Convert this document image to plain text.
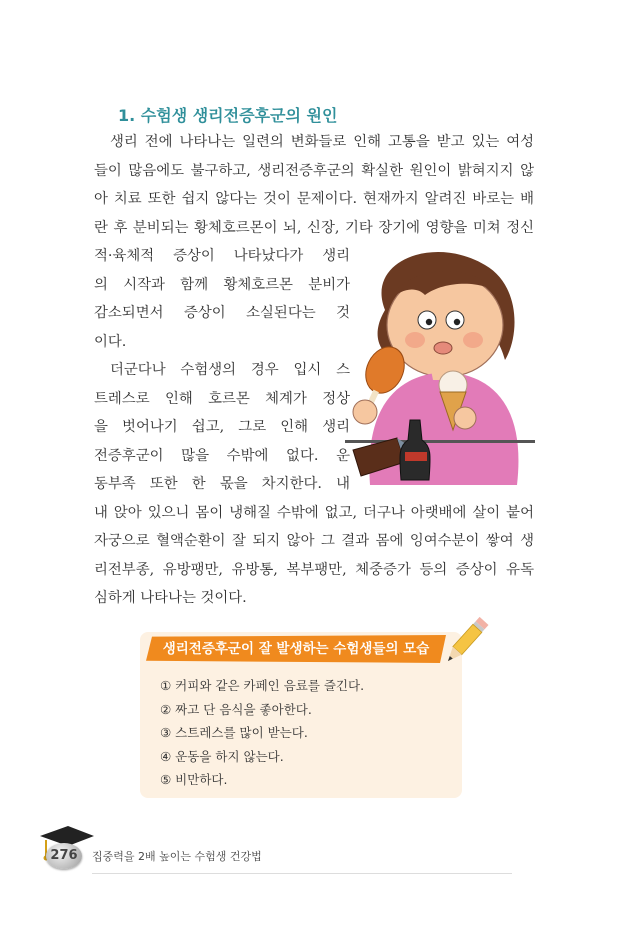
1. 수험생 생리전증후군의 원인
생리 전에 나타나는 일련의 변화들로 인해 고통을 받고 있는 여성
들이 많음에도 불구하고, 생리전증후군의 확실한 원인이 밝혀지지 않
아 치료 또한 쉽지 않다는 것이 문제이다. 현재까지 알려진 바로는 배
란 후 분비되는 황체호르몬이 뇌, 신장, 기타 장기에 영향을 미쳐 정신
적·육체적 증상이 나타났다가 생리
의 시작과 함께 황체호르몬 분비가
감소되면서 증상이 소실된다는 것
이다.
더군다나 수험생의 경우 입시 스
트레스로 인해 호르몬 체계가 정상
을 벗어나기 쉽고, 그로 인해 생리
전증후군이 많을 수밖에 없다. 운
동부족 또한 한 몫을 차지한다. 내
내 앉아 있으니 몸이 냉해질 수밖에 없고, 더구나 아랫배에 살이 붙어
자궁으로 혈액순환이 잘 되지 않아 그 결과 몸에 잉여수분이 쌓여 생
리전부종, 유방팽만, 유방통, 복부팽만, 체중증가 등의 증상이 유독
심하게 나타나는 것이다.
생리전증후군이 잘 발생하는 수험생들의 모습
① 커피와 같은 카페인 음료를 즐긴다.
② 짜고 단 음식을 좋아한다.
③ 스트레스를 많이 받는다.
④ 운동을 하지 않는다.
⑤ 비만하다.

276	집중력을 2배 높이는 수험생 건강법
